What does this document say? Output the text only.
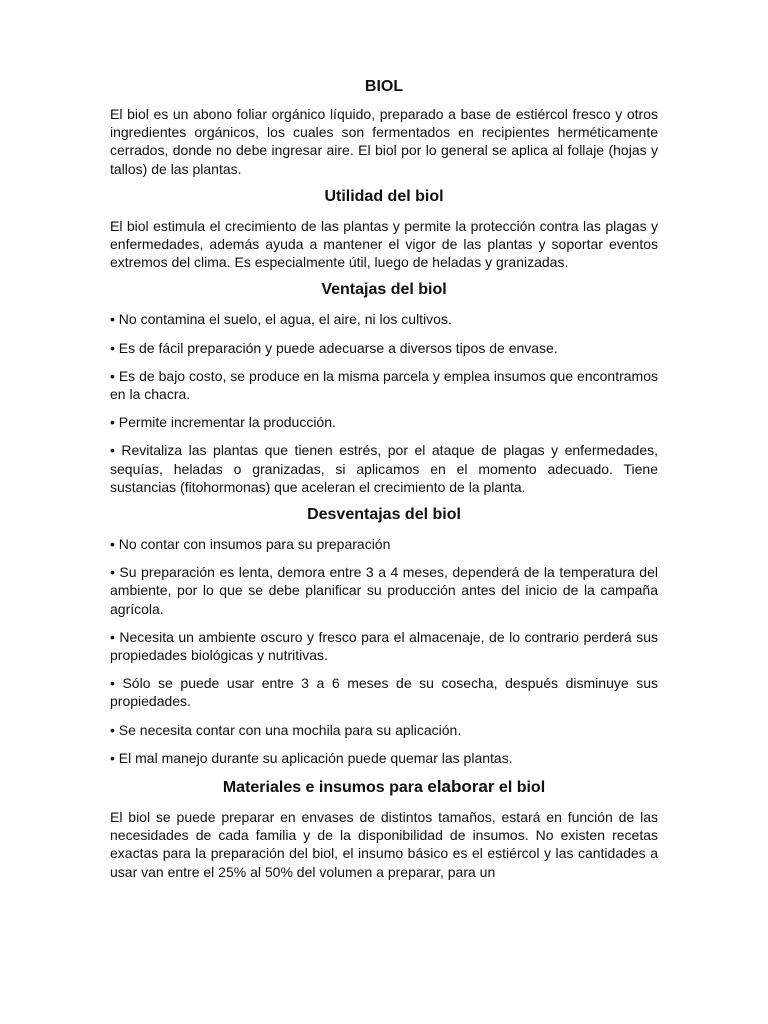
BIOL

El biol es un abono foliar orgánico líquido, preparado a base de estiércol fresco y otros ingredientes orgánicos, los cuales son fermentados en recipientes herméticamente cerrados, donde no debe ingresar aire. El biol por lo general se aplica al follaje (hojas y tallos) de las plantas.

Utilidad del biol

El biol estimula el crecimiento de las plantas y permite la protección contra las plagas y enfermedades, además ayuda a mantener el vigor de las plantas y soportar eventos extremos del clima. Es especialmente útil, luego de heladas y granizadas.

Ventajas del biol

• No contamina el suelo, el agua, el aire, ni los cultivos.

• Es de fácil preparación y puede adecuarse a diversos tipos de envase.

• Es de bajo costo, se produce en la misma parcela y emplea insumos que encontramos en la chacra.

• Permite incrementar la producción.

• Revitaliza las plantas que tienen estrés, por el ataque de plagas y enfermedades, sequías, heladas o granizadas, si aplicamos en el momento adecuado. Tiene sustancias (fitohormonas) que aceleran el crecimiento de la planta.

Desventajas del biol

• No contar con insumos para su preparación

• Su preparación es lenta, demora entre 3 a 4 meses, dependerá de la temperatura del ambiente, por lo que se debe planificar su producción antes del inicio de la campaña agrícola.

• Necesita un ambiente oscuro y fresco para el almacenaje, de lo contrario perderá sus propiedades biológicas y nutritivas.

• Sólo se puede usar entre 3 a 6 meses de su cosecha, después disminuye sus propiedades.

• Se necesita contar con una mochila para su aplicación.

• El mal manejo durante su aplicación puede quemar las plantas.

Materiales e insumos para elaborar el biol

El biol se puede preparar en envases de distintos tamaños, estará en función de las necesidades de cada familia y de la disponibilidad de insumos. No existen recetas exactas para la preparación del biol, el insumo básico es el estiércol y las cantidades a usar van entre el 25% al 50% del volumen a preparar, para un
